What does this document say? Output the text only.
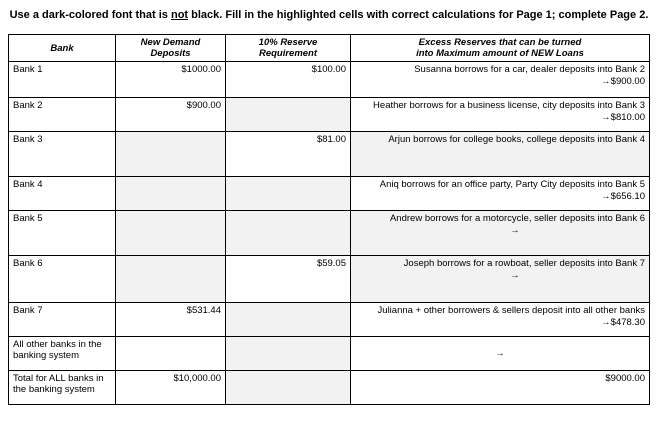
Use a dark-colored font that is not black. Fill in the highlighted cells with correct calculations for Page 1; complete Page 2.
Bank	New Demand Deposits	10% Reserve Requirement	Excess Reserves that can be turned into Maximum amount of NEW Loans
Bank 1	$1000.00	$100.00	Susanna borrows for a car, dealer deposits into Bank 2
→ $900.00

Bank 2	$900.00		Heather borrows for a business license, city deposits into Bank 3
→ $810.00

Bank 3		$81.00	Arjun borrows for college books, college deposits into Bank 4
Bank 4			Aniq borrows for an office party, Party City deposits into Bank 5
→ $656.10

Bank 5			Andrew borrows for a motorcycle, seller deposits into Bank 6

→

Bank 6		$59.05	Joseph borrows for a rowboat, seller deposits into Bank 7

→

Bank 7	$531.44		Julianna + other borrowers & sellers deposit into all other banks
→ $478.30

All other banks in the banking system			→

Total for ALL banks in the banking system	$10,000.00		$9000.00
